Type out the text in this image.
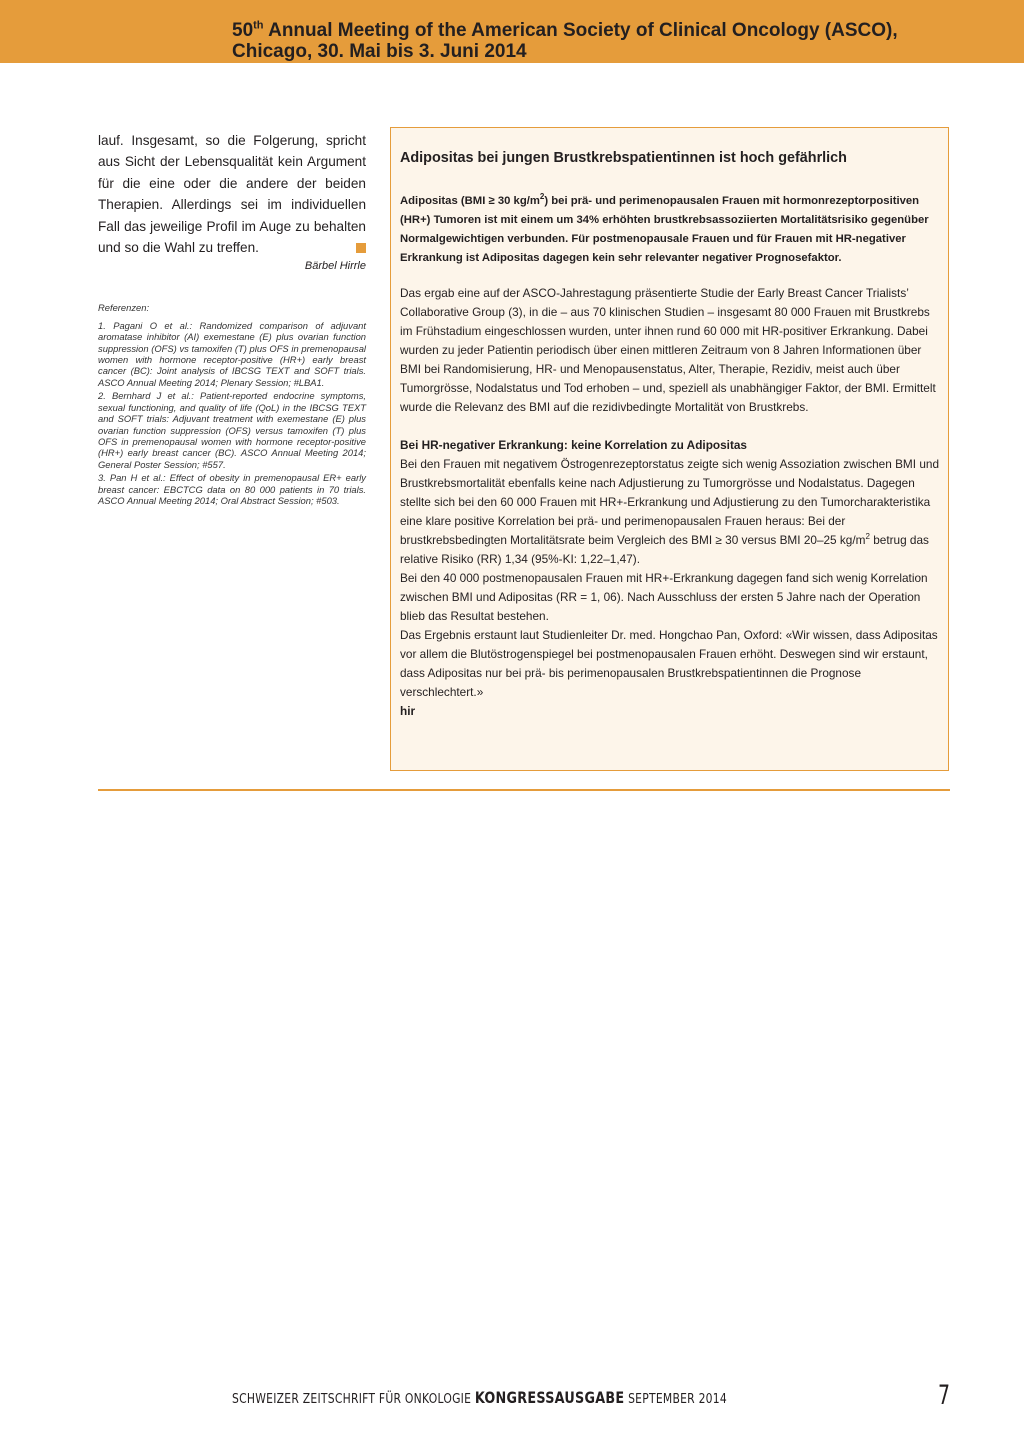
50th Annual Meeting of the American Society of Clinical Oncology (ASCO),
Chicago, 30. Mai bis 3. Juni 2014

lauf. Insgesamt, so die Folgerung, spricht aus Sicht der Lebensqualität kein Argument für die eine oder die andere der beiden Therapien. Allerdings sei im individuellen Fall das jeweilige Profil im Auge zu behalten und so die Wahl zu treffen.

Bärbel Hirrle
Referenzen:

1. Pagani O et al.: Randomized comparison of adjuvant aromatase inhibitor (AI) exemestane (E) plus ovarian function suppression (OFS) vs tamoxifen (T) plus OFS in premenopausal women with hormone receptor-positive (HR+) early breast cancer (BC): Joint analysis of IBCSG TEXT and SOFT trials. ASCO Annual Meeting 2014; Plenary Session; #LBA1.

2. Bernhard J et al.: Patient-reported endocrine symptoms, sexual functioning, and quality of life (QoL) in the IBCSG TEXT and SOFT trials: Adjuvant treatment with exemestane (E) plus ovarian function suppression (OFS) versus tamoxifen (T) plus OFS in premenopausal women with hormone receptor-positive (HR+) early breast cancer (BC). ASCO Annual Meeting 2014; General Poster Session; #557.

3. Pan H et al.: Effect of obesity in premenopausal ER+ early breast cancer: EBCTCG data on 80 000 patients in 70 trials. ASCO Annual Meeting 2014; Oral Abstract Session; #503.

Adipositas bei jungen Brustkrebspatientinnen ist hoch gefährlich

Adipositas (BMI ≥ 30 $kg/m^2$) bei prä- und perimenopausalen Frauen mit hormonrezeptorpositiven (HR+) Tumoren ist mit einem um 34% erhöhten brustkrebsassoziierten Mortalitätsrisiko gegenüber Normalgewichtigen verbunden. Für postmenopausale Frauen und für Frauen mit HR-negativer Erkrankung ist Adipositas dagegen kein sehr relevanter negativer Prognosefaktor.

Das ergab eine auf der ASCO-Jahrestagung präsentierte Studie der Early Breast Cancer Trialists’ Collaborative Group (3), in die – aus 70 klinischen Studien – insgesamt 80 000 Frauen mit Brustkrebs im Frühstadium eingeschlossen wurden, unter ihnen rund 60 000 mit HR-positiver Erkrankung. Dabei wurden zu jeder Patientin periodisch über einen mittleren Zeitraum von 8 Jahren Informationen über BMI bei Randomisierung, HR- und Menopausenstatus, Alter, Therapie, Rezidiv, meist auch über Tumorgrösse, Nodalstatus und Tod erhoben – und, speziell als unabhängiger Faktor, der BMI. Ermittelt wurde die Relevanz des BMI auf die rezidivbedingte Mortalität von Brustkrebs.

Bei HR-negativer Erkrankung: keine Korrelation zu Adipositas

Bei den Frauen mit negativem Östrogenrezeptorstatus zeigte sich wenig Assoziation zwischen BMI und Brustkrebsmortalität ebenfalls keine nach Adjustierung zu Tumorgrösse und Nodalstatus. Dagegen stellte sich bei den 60 000 Frauen mit HR+-Erkrankung und Adjustierung zu den Tumorcharakteristika eine klare positive Korrelation bei prä- und perimenopausalen Frauen heraus: Bei der brustkrebsbedingten Mortalitätsrate beim Vergleich des BMI ≥ 30 versus BMI 20–25 $kg/m^2$ betrug das relative Risiko (RR) 1,34 (95%-KI: 1,22–1,47).

Bei den 40 000 postmenopausalen Frauen mit HR+-Erkrankung dagegen fand sich wenig Korrelation zwischen BMI und Adipositas (RR = 1, 06). Nach Ausschluss der ersten 5 Jahre nach der Operation blieb das Resultat bestehen.

Das Ergebnis erstaunt laut Studienleiter Dr. med. Hongchao Pan, Oxford: «Wir wissen, dass Adipositas vor allem die Blutöstrogenspiegel bei postmenopausalen Frauen erhöht. Deswegen sind wir erstaunt, dass Adipositas nur bei prä- bis perimenopausalen Brustkrebspatientinnen die Prognose verschlechtert.»

hir

SCHWEIZER ZEITSCHRIFT FÜR ONKOLOGIE KONGRESSAUSGABE SEPTEMBER 2014	7
